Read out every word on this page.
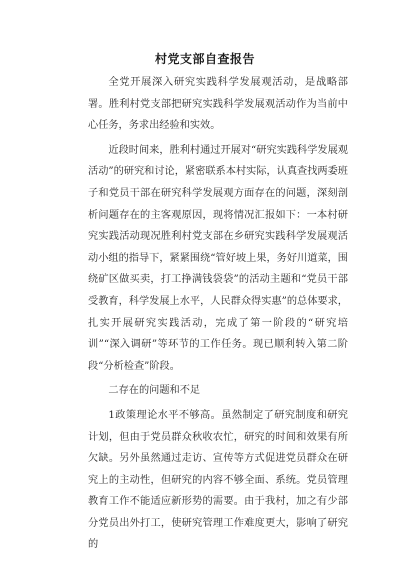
村党支部自查报告

全党开展深入研究实践科学发展观活动，是战略部署。胜利村党支部把研究实践科学发展观活动作为当前中心任务，务求出经验和实效。

近段时间来，胜利村通过开展对“研究实践科学发展观活动”的研究和讨论，紧密联系本村实际，认真查找两委班子和党员干部在研究科学发展观方面存在的问题，深刻剖析问题存在的主客观原因，现将情况汇报如下：一本村研究实践活动现况胜利村党支部在乡研究实践科学发展观活动小组的指导下，紧紧围绕“管好坡上果，务好川道菜，围绕矿区做买卖，打工挣满钱袋袋”的活动主题和“党员干部受教育，科学发展上水平，人民群众得实惠”的总体要求，扎实开展研究实践活动，完成了第一阶段的“研究培训”“深入调研”等环节的工作任务。现已顺利转入第二阶段“分析检查”阶段。

二存在的问题和不足

1政策理论水平不够高。虽然制定了研究制度和研究计划，但由于党员群众秋收农忙，研究的时间和效果有所欠缺。另外虽然通过走访、宣传等方式促进党员群众在研究上的主动性，但研究的内容不够全面、系统。党员管理教育工作不能适应新形势的需要。由于我村，加之有少部分党员出外打工，使研究管理工作难度更大，影响了研究的
